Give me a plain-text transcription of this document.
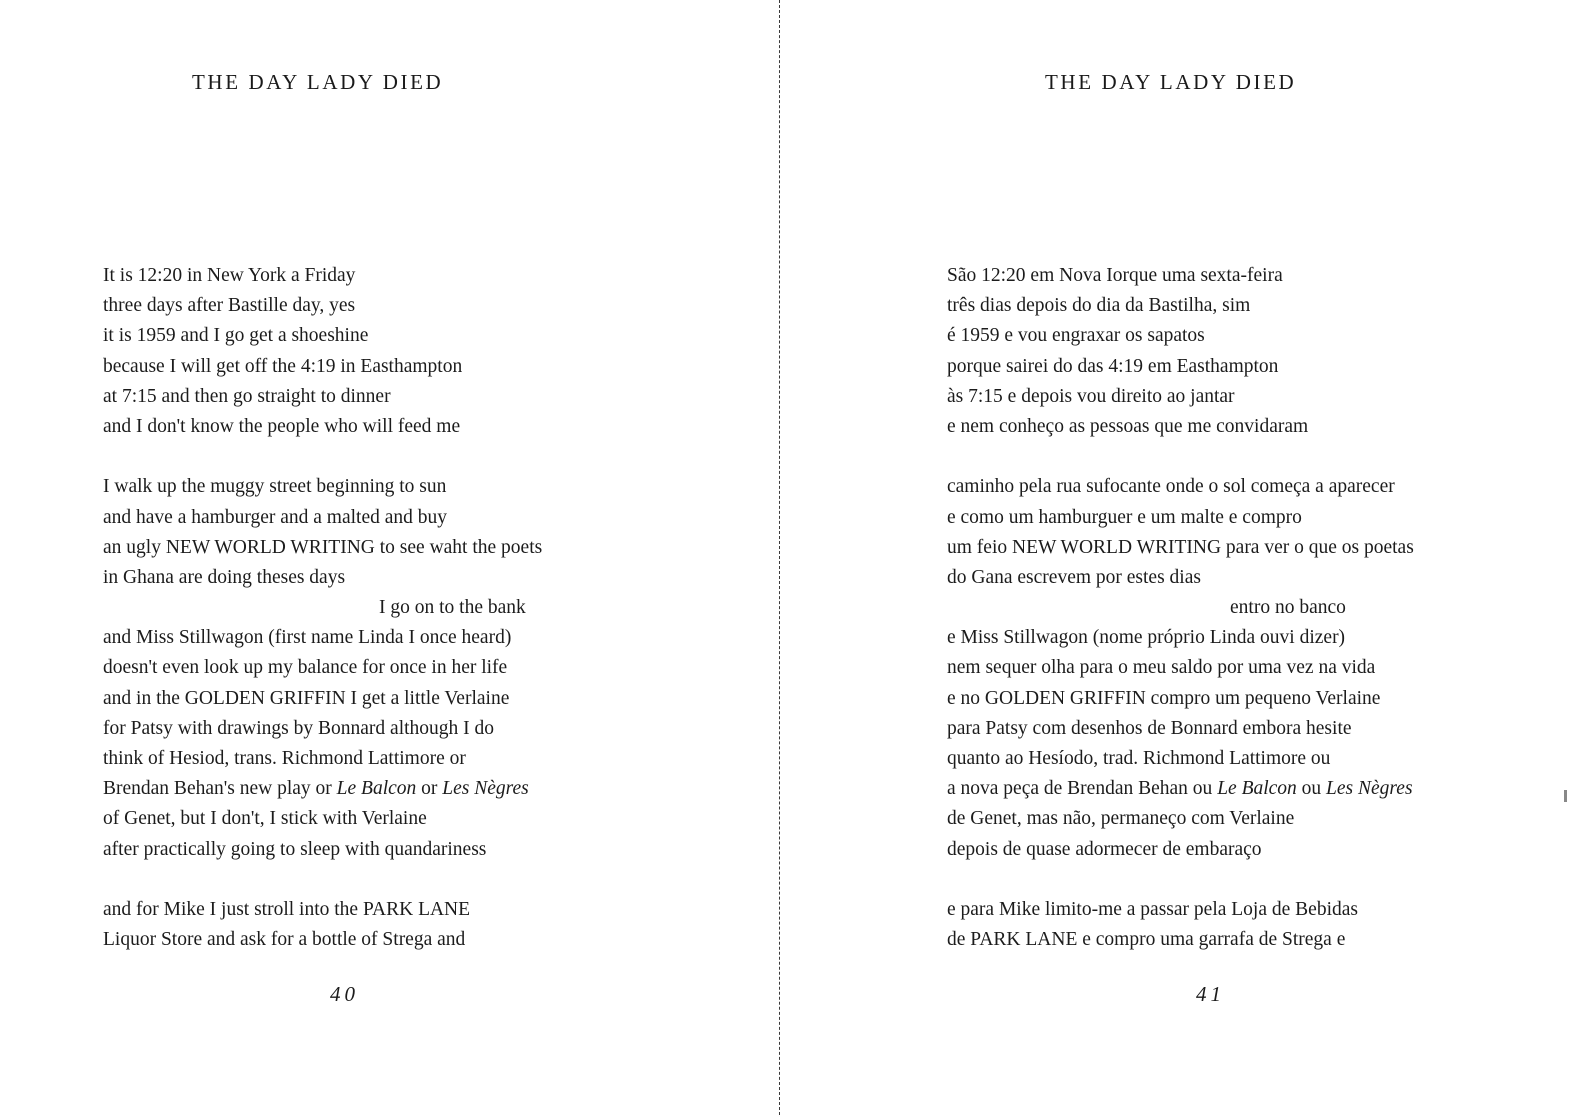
THE DAY LADY DIED
It is 12:20 in New York a Friday
three days after Bastille day, yes
it is 1959 and I go get a shoeshine
because I will get off the 4:19 in Easthampton
at 7:15 and then go straight to dinner
and I don't know the people who will feed me
I walk up the muggy street beginning to sun
and have a hamburger and a malted and buy
an ugly NEW WORLD WRITING to see waht the poets
in Ghana are doing theses days
I go on to the bank
and Miss Stillwagon (first name Linda I once heard)
doesn't even look up my balance for once in her life
and in the GOLDEN GRIFFIN I get a little Verlaine
for Patsy with drawings by Bonnard although I do
think of Hesiod, trans. Richmond Lattimore or
Brendan Behan's new play or Le Balcon or Les Nègres
of Genet, but I don't, I stick with Verlaine
after practically going to sleep with quandariness
and for Mike I just stroll into the PARK LANE
Liquor Store and ask for a bottle of Strega and
40
THE DAY LADY DIED
São 12:20 em Nova Iorque uma sexta-feira
três dias depois do dia da Bastilha, sim
é 1959 e vou engraxar os sapatos
porque sairei do das 4:19 em Easthampton
às 7:15 e depois vou direito ao jantar
e nem conheço as pessoas que me convidaram
caminho pela rua sufocante onde o sol começa a aparecer
e como um hamburguer e um malte e compro
um feio NEW WORLD WRITING para ver o que os poetas
do Gana escrevem por estes dias
entro no banco
e Miss Stillwagon (nome próprio Linda ouvi dizer)
nem sequer olha para o meu saldo por uma vez na vida
e no GOLDEN GRIFFIN compro um pequeno Verlaine
para Patsy com desenhos de Bonnard embora hesite
quanto ao Hesíodo, trad. Richmond Lattimore ou
a nova peça de Brendan Behan ou Le Balcon ou Les Nègres
de Genet, mas não, permaneço com Verlaine
depois de quase adormecer de embaraço
e para Mike limito-me a passar pela Loja de Bebidas
de PARK LANE e compro uma garrafa de Strega e
41
